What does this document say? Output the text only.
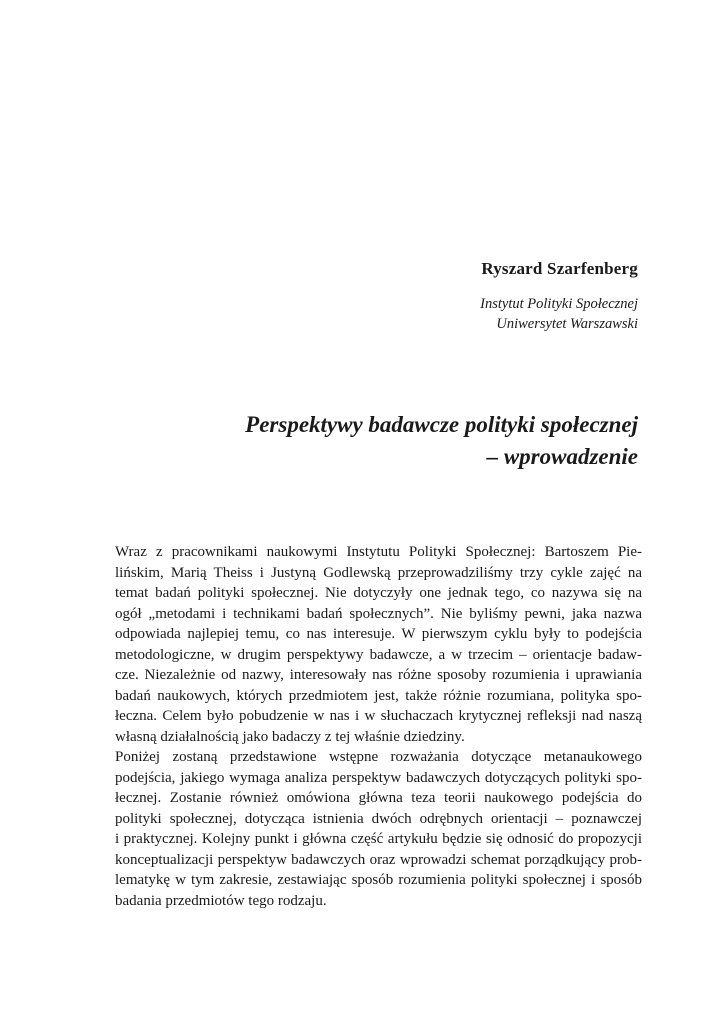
Ryszard Szarfenberg

Instytut Polityki Społecznej
Uniwersytet Warszawski

Perspektywy badawcze polityki społecznej
– wprowadzenie

Wraz z pracownikami naukowymi Instytutu Polityki Społecznej: Bartoszem Pie-
lińskim, Marią Theiss i Justyną Godlewską przeprowadziliśmy trzy cykle zajęć na
temat badań polityki społecznej. Nie dotyczyły one jednak tego, co nazywa się na
ogół „metodami i technikami badań społecznych”. Nie byliśmy pewni, jaka nazwa
odpowiada najlepiej temu, co nas interesuje. W pierwszym cyklu były to podejścia
metodologiczne, w drugim perspektywy badawcze, a w trzecim – orientacje badaw-
cze. Niezależnie od nazwy, interesowały nas różne sposoby rozumienia i uprawiania
badań naukowych, których przedmiotem jest, także różnie rozumiana, polityka spo-
łeczna. Celem było pobudzenie w nas i w słuchaczach krytycznej refleksji nad naszą
własną działalnością jako badaczy z tej właśnie dziedziny.

Poniżej zostaną przedstawione wstępne rozważania dotyczące metanaukowego
podejścia, jakiego wymaga analiza perspektyw badawczych dotyczących polityki spo-
łecznej. Zostanie również omówiona główna teza teorii naukowego podejścia do
polityki społecznej, dotycząca istnienia dwóch odrębnych orientacji – poznawczej
i praktycznej. Kolejny punkt i główna część artykułu będzie się odnosić do propozycji
konceptualizacji perspektyw badawczych oraz wprowadzi schemat porządkujący prob-
lematykę w tym zakresie, zestawiając sposób rozumienia polityki społecznej i sposób
badania przedmiotów tego rodzaju.
